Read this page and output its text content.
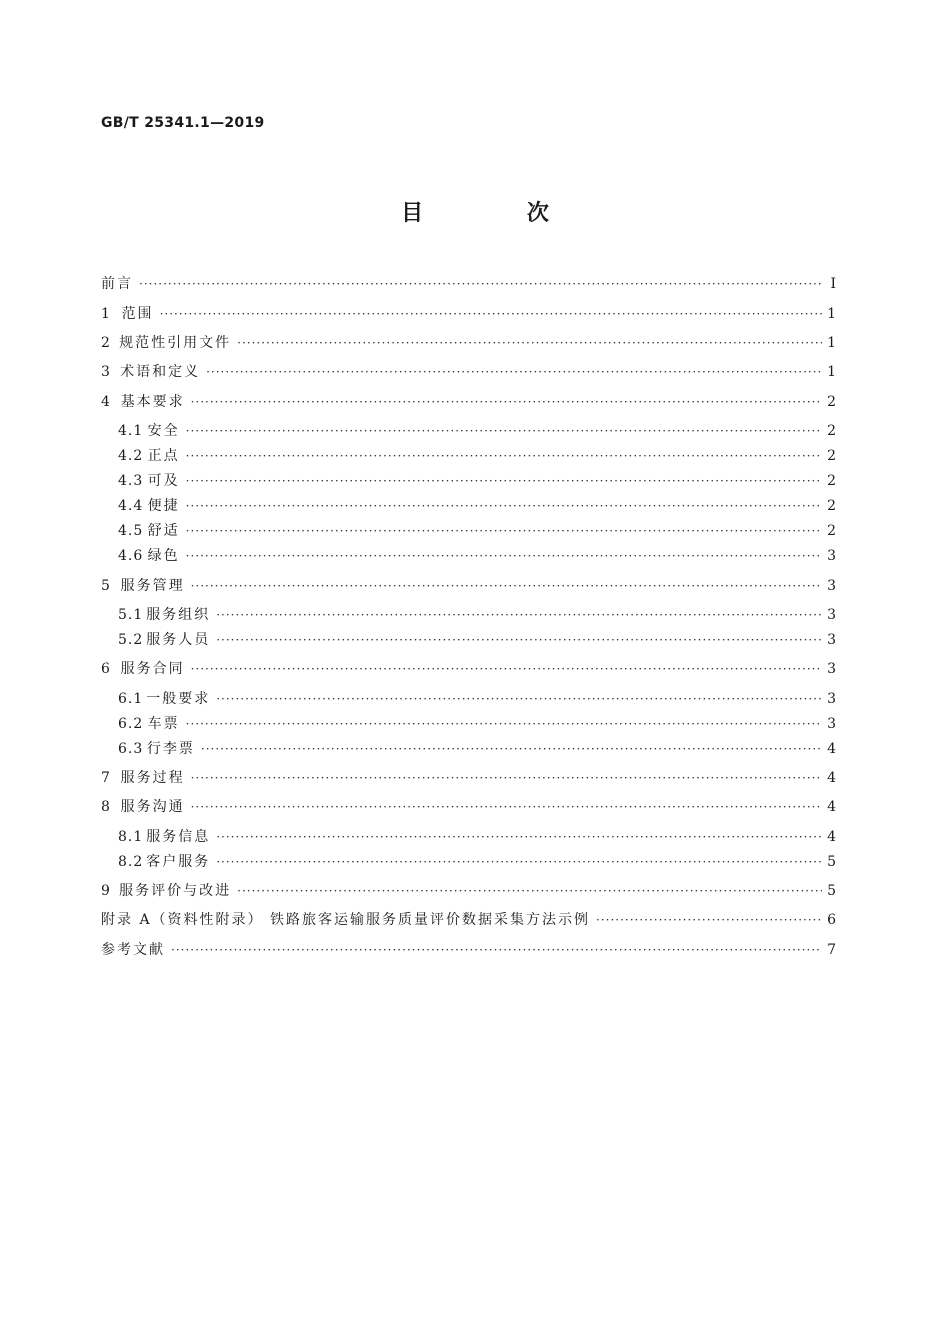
GB/T 25341.1—2019
目 次
前言 ·····	Ⅰ
1 范围 ·····	1
2 规范性引用文件 ·····	1
3 术语和定义 ·····	1
4 基本要求 ·····	2
4.1 安全 ·····	2
4.2 正点 ·····	2
4.3 可及 ·····	2
4.4 便捷 ·····	2
4.5 舒适 ·····	2
4.6 绿色 ·····	3
5 服务管理 ·····	3
5.1 服务组织 ·····	3
5.2 服务人员 ·····	3
6 服务合同 ·····	3
6.1 一般要求 ·····	3
6.2 车票 ·····	3
6.3 行李票 ·····	4
7 服务过程 ·····	4
8 服务沟通 ·····	4
8.1 服务信息 ·····	4
8.2 客户服务 ·····	5
9 服务评价与改进 ·····	5
附录 A（资料性附录） 铁路旅客运输服务质量评价数据采集方法示例 ·····	6
参考文献 ·····	7
